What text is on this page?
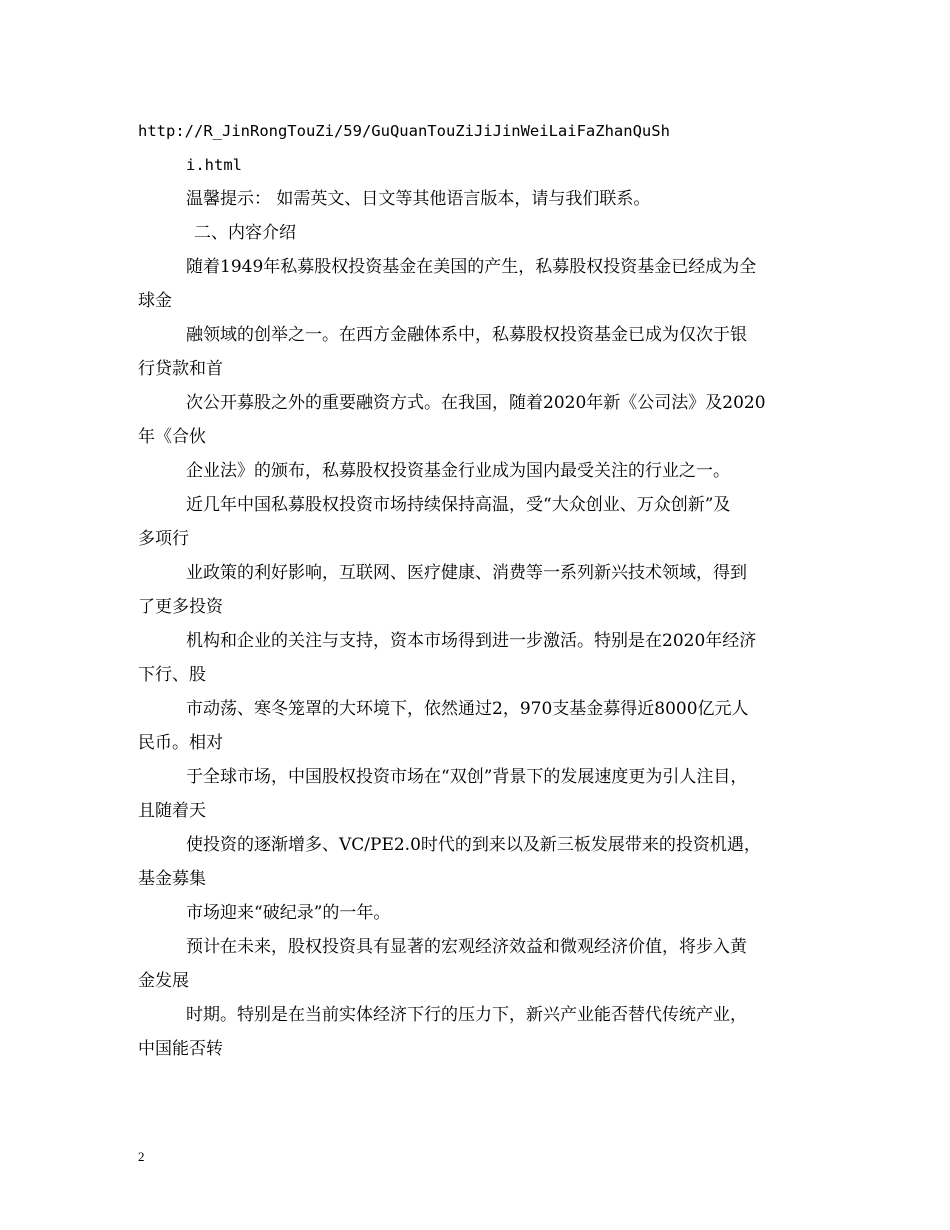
http://R_JinRongTouZi/59/GuQuanTouZiJiJinWeiLaiFaZhanQuSh
i.html
温馨提示： 如需英文、日文等其他语言版本，请与我们联系。
二、内容介绍
随着1949年私募股权投资基金在美国的产生，私募股权投资基金已经成为全
球金
融领域的创举之一。在西方金融体系中，私募股权投资基金已成为仅次于银
行贷款和首
次公开募股之外的重要融资方式。在我国，随着2020年新《公司法》及2020
年《合伙
企业法》的颁布，私募股权投资基金行业成为国内最受关注的行业之一。
近几年中国私募股权投资市场持续保持高温，受“大众创业、万众创新”及
多项行
业政策的利好影响，互联网、医疗健康、消费等一系列新兴技术领域，得到
了更多投资
机构和企业的关注与支持，资本市场得到进一步激活。特别是在2020年经济
下行、股
市动荡、寒冬笼罩的大环境下，依然通过2，970支基金募得近8000亿元人
民币。相对
于全球市场，中国股权投资市场在“双创”背景下的发展速度更为引人注目，
且随着天
使投资的逐渐增多、VC/PE2.0时代的到来以及新三板发展带来的投资机遇，
基金募集
市场迎来“破纪录”的一年。
预计在未来，股权投资具有显著的宏观经济效益和微观经济价值，将步入黄
金发展
时期。特别是在当前实体经济下行的压力下，新兴产业能否替代传统产业，
中国能否转
2
